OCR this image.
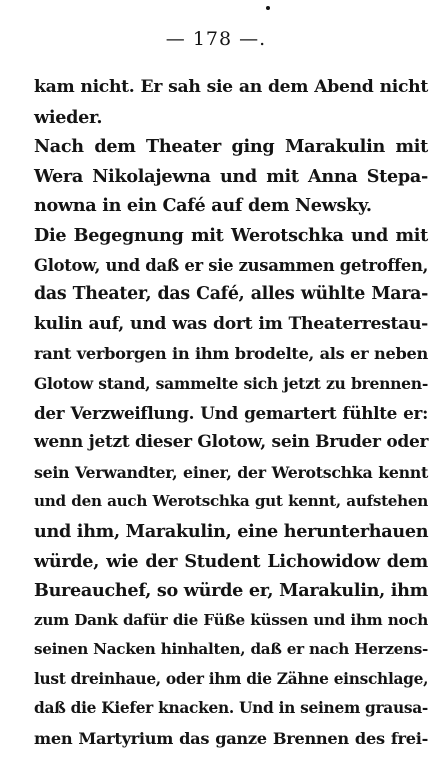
— 178 —.
kam nicht. Er sah sie an dem Abend nicht
wieder.
Nach dem Theater ging Marakulin mit
Wera Nikolajewna und mit Anna Stepa-
nowna in ein Café auf dem Newsky.
Die Begegnung mit Werotschka und mit
Glotow, und daß er sie zusammen getroffen,
das Theater, das Café, alles wühlte Mara-
kulin auf, und was dort im Theaterrestau-
rant verborgen in ihm brodelte, als er neben
Glotow stand, sammelte sich jetzt zu brennen-
der Verzweiflung. Und gemartert fühlte er:
wenn jetzt dieser Glotow, sein Bruder oder
sein Verwandter, einer, der Werotschka kennt
und den auch Werotschka gut kennt, aufstehen
und ihm, Marakulin, eine herunterhauen
würde, wie der Student Lichowidow dem
Bureauchef, so würde er, Marakulin, ihm
zum Dank dafür die Füße küssen und ihm noch
seinen Nacken hinhalten, daß er nach Herzens-
lust dreinhaue, oder ihm die Zähne einschlage,
daß die Kiefer knacken. Und in seinem grausa-
men Martyrium das ganze Brennen des frei-
